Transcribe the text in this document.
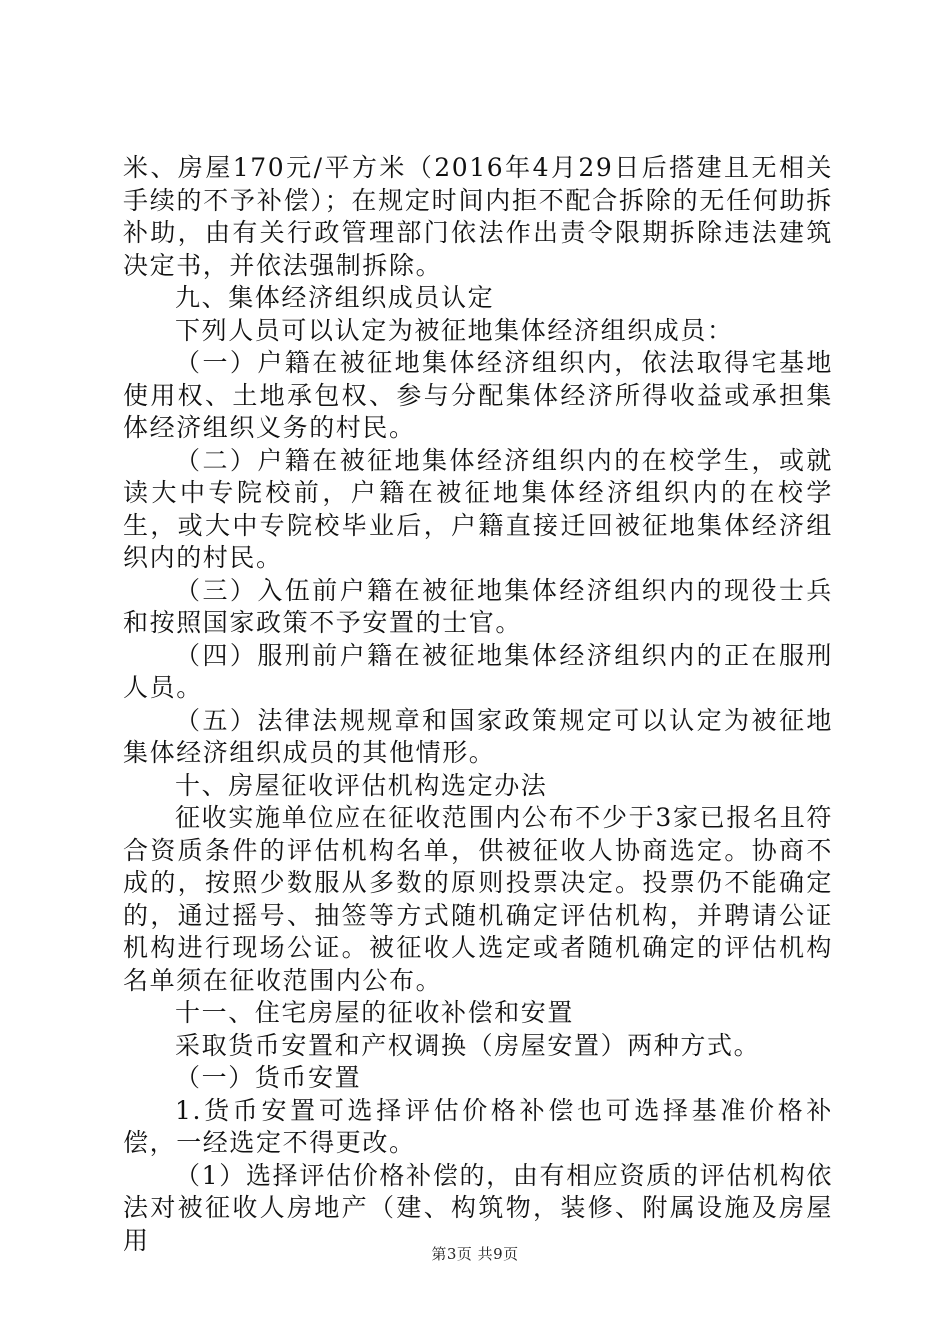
米、房屋170元/平方米（2016年4月29日后搭建且无相关手续的不予补偿）；在规定时间内拒不配合拆除的无任何助拆补助，由有关行政管理部门依法作出责令限期拆除违法建筑决定书，并依法强制拆除。

九、集体经济组织成员认定

下列人员可以认定为被征地集体经济组织成员：

（一）户籍在被征地集体经济组织内，依法取得宅基地使用权、土地承包权、参与分配集体经济所得收益或承担集体经济组织义务的村民。

（二）户籍在被征地集体经济组织内的在校学生，或就读大中专院校前，户籍在被征地集体经济组织内的在校学生，或大中专院校毕业后，户籍直接迁回被征地集体经济组织内的村民。

（三）入伍前户籍在被征地集体经济组织内的现役士兵和按照国家政策不予安置的士官。

（四）服刑前户籍在被征地集体经济组织内的正在服刑人员。

（五）法律法规规章和国家政策规定可以认定为被征地集体经济组织成员的其他情形。

十、房屋征收评估机构选定办法

征收实施单位应在征收范围内公布不少于3家已报名且符合资质条件的评估机构名单，供被征收人协商选定。协商不成的，按照少数服从多数的原则投票决定。投票仍不能确定的，通过摇号、抽签等方式随机确定评估机构，并聘请公证机构进行现场公证。被征收人选定或者随机确定的评估机构名单须在征收范围内公布。

十一、住宅房屋的征收补偿和安置

采取货币安置和产权调换（房屋安置）两种方式。

（一）货币安置

1.货币安置可选择评估价格补偿也可选择基准价格补偿，一经选定不得更改。

（1）选择评估价格补偿的，由有相应资质的评估机构依法对被征收人房地产（建、构筑物，装修、附属设施及房屋用	第3页 共9页
